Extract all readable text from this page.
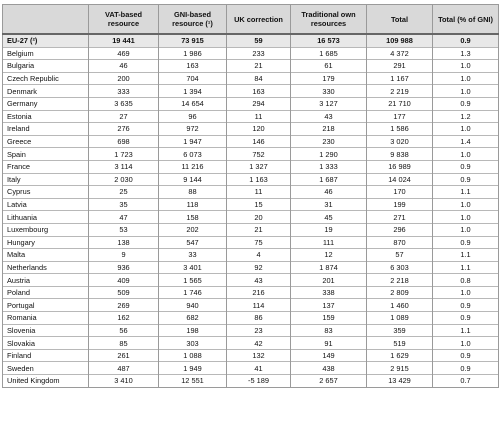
	VAT-based resource	GNI-based resource (¹)	UK correction	Traditional own resources	Total	Total (% of GNI)
EU-27 (²)	19 441	73 915	59	16 573	109 988	0.9
Belgium	469	1 986	233	1 685	4 372	1.3
Bulgaria	46	163	21	61	291	1.0
Czech Republic	200	704	84	179	1 167	1.0
Denmark	333	1 394	163	330	2 219	1.0
Germany	3 635	14 654	294	3 127	21 710	0.9
Estonia	27	96	11	43	177	1.2
Ireland	276	972	120	218	1 586	1.0
Greece	698	1 947	146	230	3 020	1.4
Spain	1 723	6 073	752	1 290	9 838	1.0
France	3 114	11 216	1 327	1 333	16 989	0.9
Italy	2 030	9 144	1 163	1 687	14 024	0.9
Cyprus	25	88	11	46	170	1.1
Latvia	35	118	15	31	199	1.0
Lithuania	47	158	20	45	271	1.0
Luxembourg	53	202	21	19	296	1.0
Hungary	138	547	75	111	870	0.9
Malta	9	33	4	12	57	1.1
Netherlands	936	3 401	92	1 874	6 303	1.1
Austria	409	1 565	43	201	2 218	0.8
Poland	509	1 746	216	338	2 809	1.0
Portugal	269	940	114	137	1 460	0.9
Romania	162	682	86	159	1 089	0.9
Slovenia	56	198	23	83	359	1.1
Slovakia	85	303	42	91	519	1.0
Finland	261	1 088	132	149	1 629	0.9
Sweden	487	1 949	41	438	2 915	0.9
United Kingdom	3 410	12 551	-5 189	2 657	13 429	0.7
